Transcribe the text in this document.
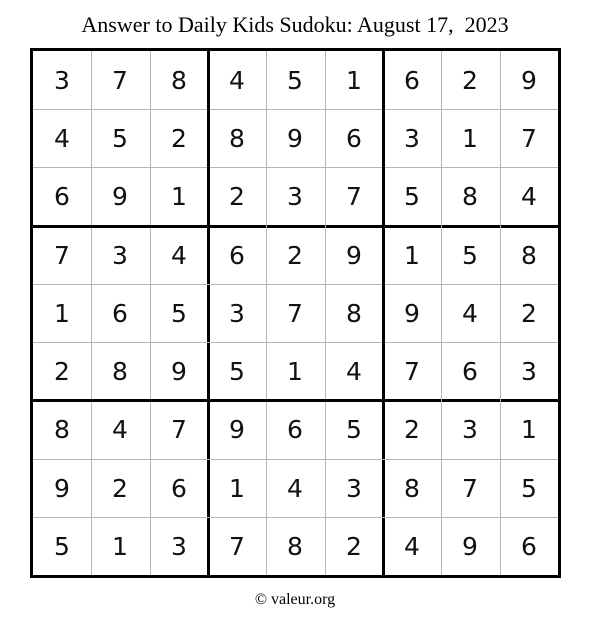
Answer to Daily Kids Sudoku: August 17,  2023
3	7	8	4	5	1	6	2	9
4	5	2	8	9	6	3	1	7
6	9	1	2	3	7	5	8	4
7	3	4	6	2	9	1	5	8
1	6	5	3	7	8	9	4	2
2	8	9	5	1	4	7	6	3
8	4	7	9	6	5	2	3	1
9	2	6	1	4	3	8	7	5
5	1	3	7	8	2	4	9	6
© valeur.org
